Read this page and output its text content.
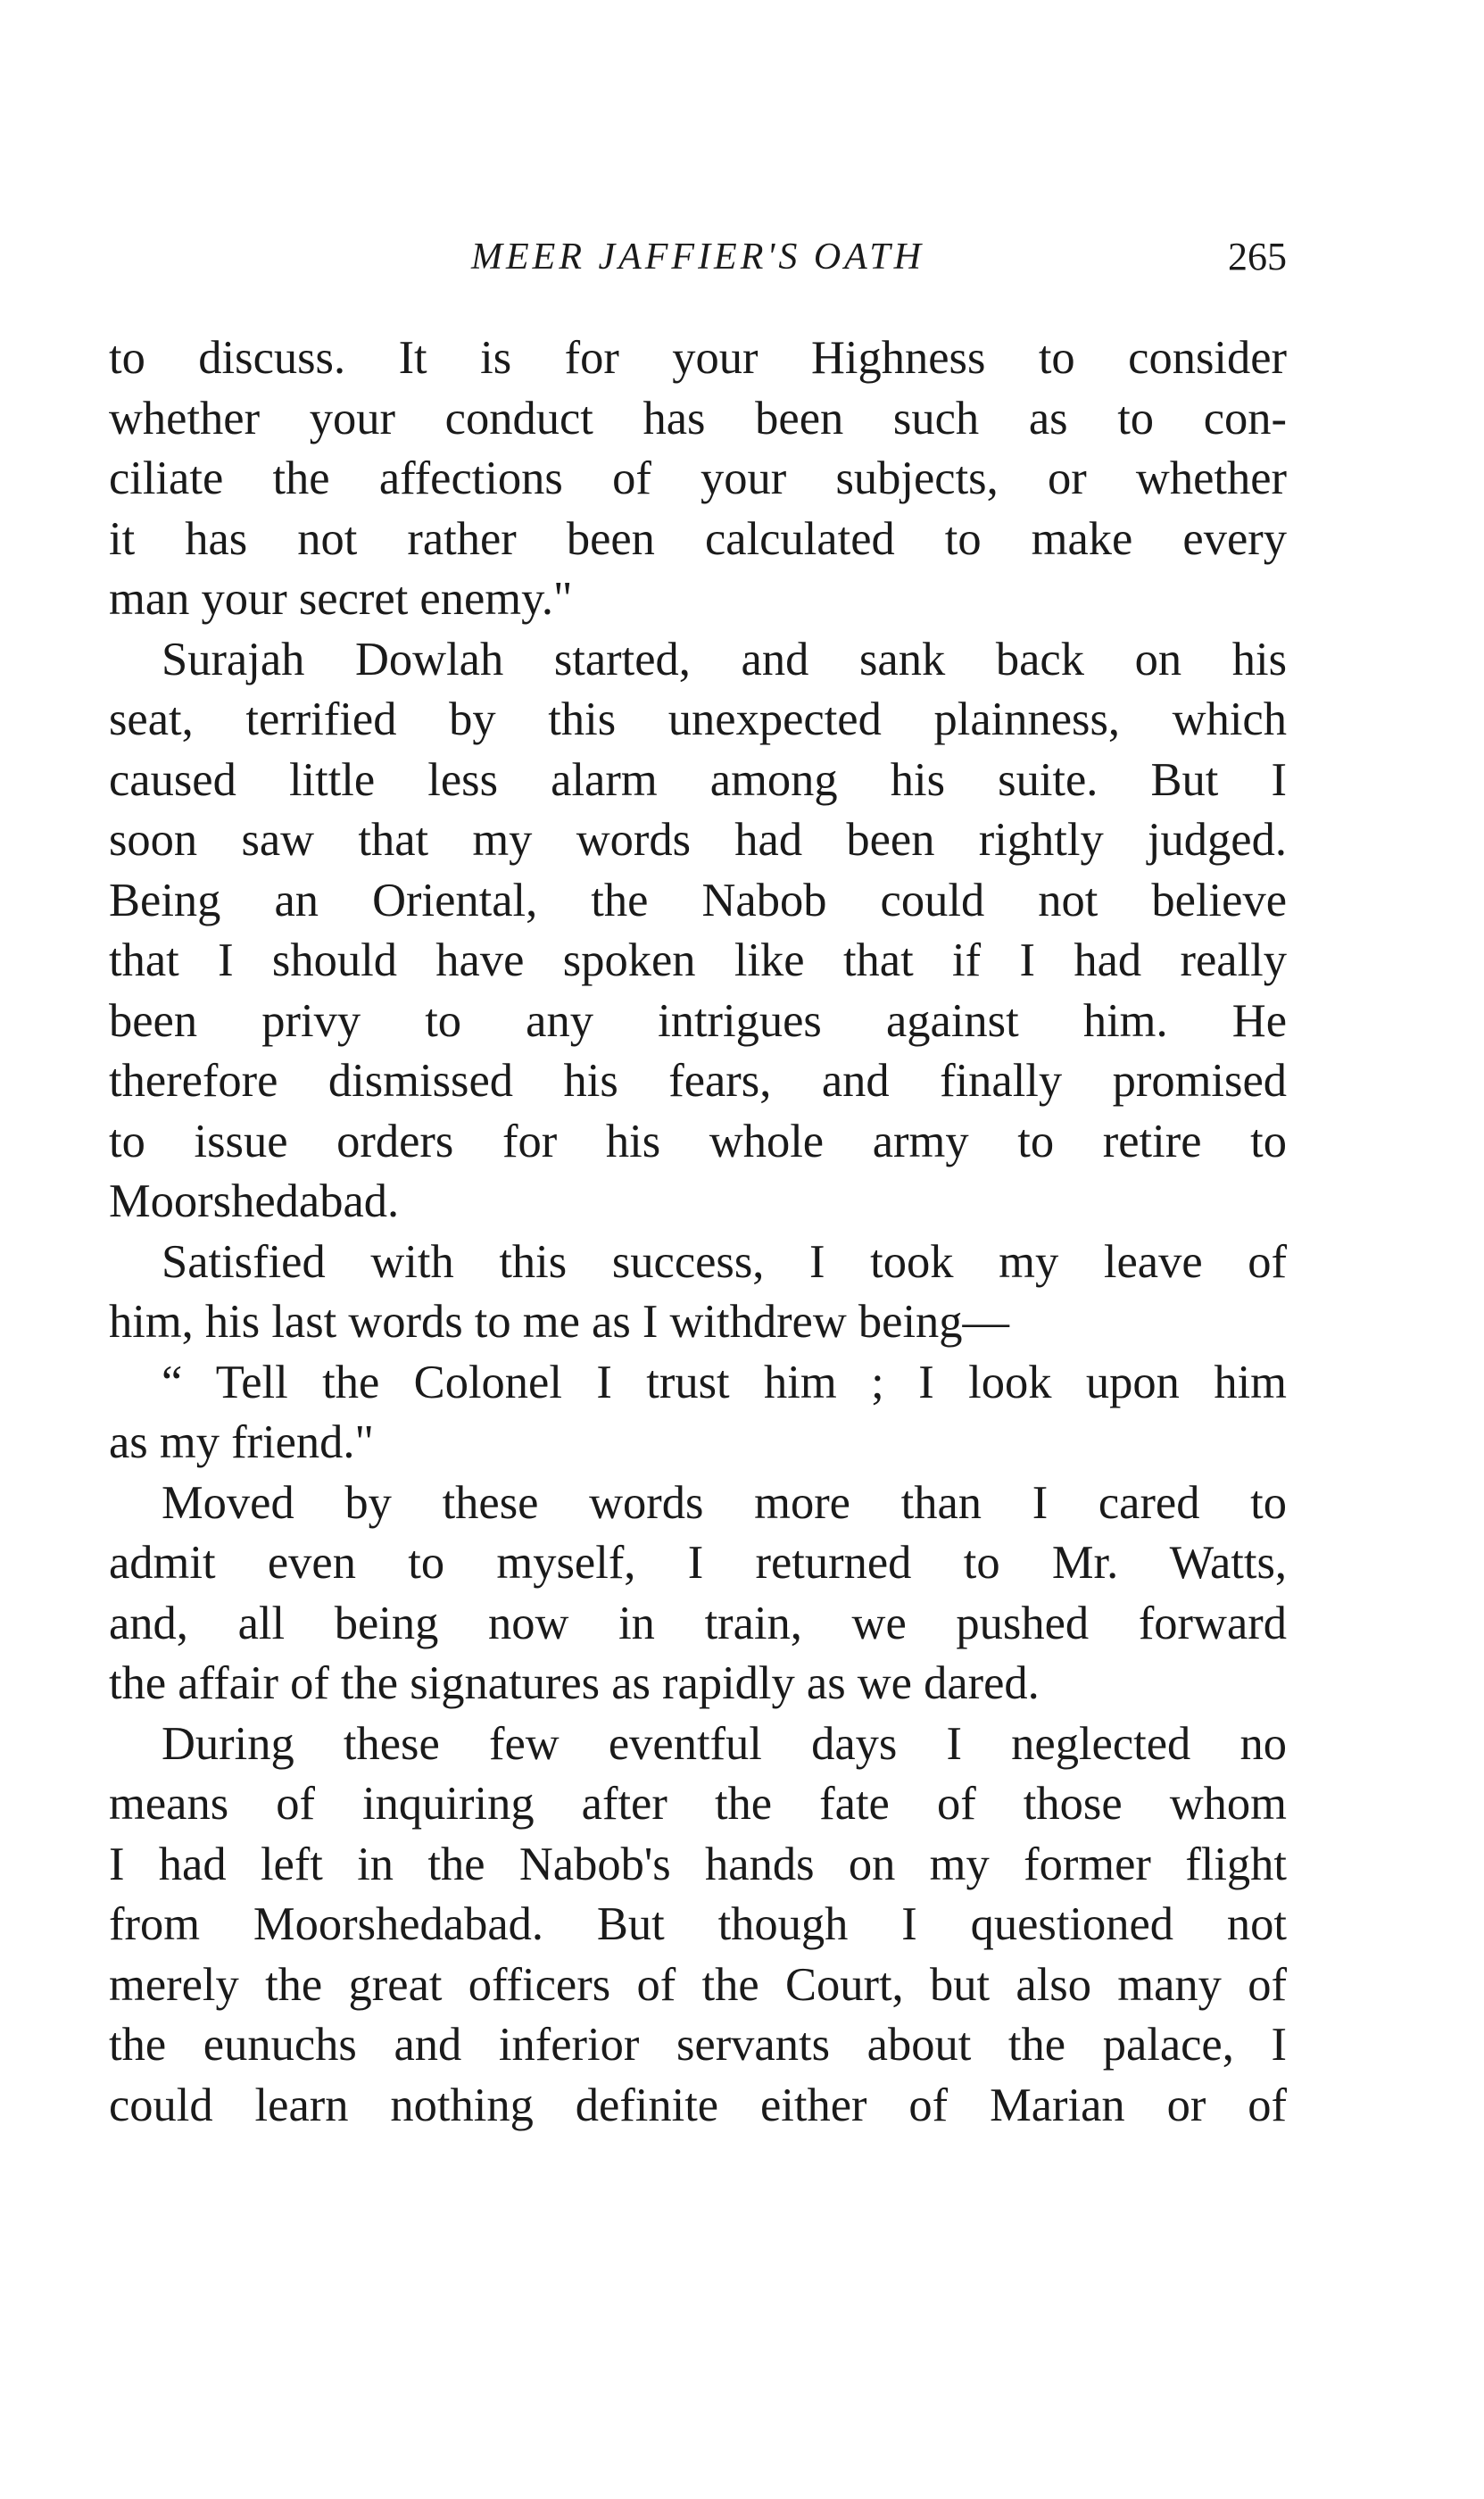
MEER JAFFIER'S OATH	265
to discuss. It is for your Highness to consider
whether your conduct has been such as to con-
ciliate the affections of your subjects, or whether
it has not rather been calculated to make every
man your secret enemy."
Surajah Dowlah started, and sank back on his
seat, terrified by this unexpected plainness, which
caused little less alarm among his suite. But I
soon saw that my words had been rightly judged.
Being an Oriental, the Nabob could not believe
that I should have spoken like that if I had really
been privy to any intrigues against him. He
therefore dismissed his fears, and finally promised
to issue orders for his whole army to retire to
Moorshedabad.
Satisfied with this success, I took my leave of
him, his last words to me as I withdrew being—
“ Tell the Colonel I trust him ; I look upon him
as my friend."
Moved by these words more than I cared to
admit even to myself, I returned to Mr. Watts,
and, all being now in train, we pushed forward
the affair of the signatures as rapidly as we dared.
During these few eventful days I neglected no
means of inquiring after the fate of those whom
I had left in the Nabob's hands on my former flight
from Moorshedabad. But though I questioned not
merely the great officers of the Court, but also many of
the eunuchs and inferior servants about the palace, I
could learn nothing definite either of Marian or of
